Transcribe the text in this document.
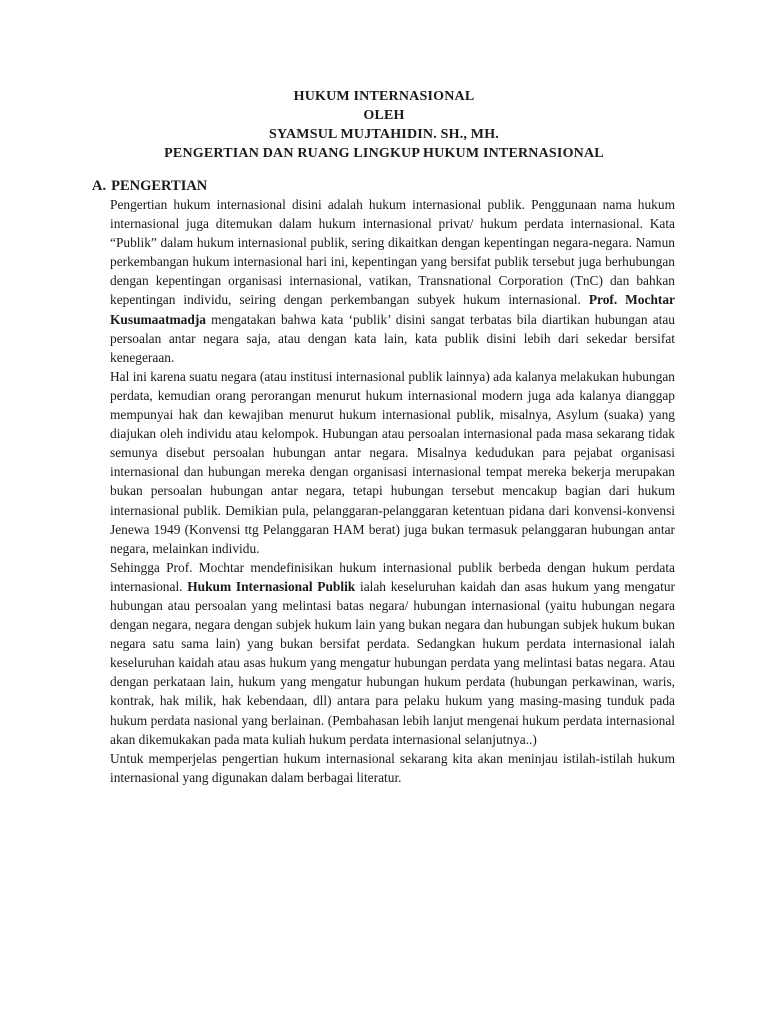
HUKUM INTERNASIONAL
OLEH
SYAMSUL MUJTAHIDIN. SH., MH.
PENGERTIAN DAN RUANG LINGKUP HUKUM INTERNASIONAL
A. PENGERTIAN

Pengertian hukum internasional disini adalah hukum internasional publik. Penggunaan nama hukum internasional juga ditemukan dalam hukum internasional privat/ hukum perdata internasional. Kata “Publik” dalam hukum internasional publik, sering dikaitkan dengan kepentingan negara-negara. Namun perkembangan hukum internasional hari ini, kepentingan yang bersifat publik tersebut juga berhubungan dengan kepentingan organisasi internasional, vatikan, Transnational Corporation (TnC) dan bahkan kepentingan individu, seiring dengan perkembangan subyek hukum internasional. Prof. Mochtar Kusumaatmadja mengatakan bahwa kata ‘publik’ disini sangat terbatas bila diartikan hubungan atau persoalan antar negara saja, atau dengan kata lain, kata publik disini lebih dari sekedar bersifat kenegeraan.

Hal ini karena suatu negara (atau institusi internasional publik lainnya) ada kalanya melakukan hubungan perdata, kemudian orang perorangan menurut hukum internasional modern juga ada kalanya dianggap mempunyai hak dan kewajiban menurut hukum internasional publik, misalnya, Asylum (suaka) yang diajukan oleh individu atau kelompok. Hubungan atau persoalan internasional pada masa sekarang tidak semunya disebut persoalan hubungan antar negara. Misalnya kedudukan para pejabat organisasi internasional dan hubungan mereka dengan organisasi internasional tempat mereka bekerja merupakan bukan persoalan hubungan antar negara, tetapi hubungan tersebut mencakup bagian dari hukum internasional publik. Demikian pula, pelanggaran-pelanggaran ketentuan pidana dari konvensi-konvensi Jenewa 1949 (Konvensi ttg Pelanggaran HAM berat) juga bukan termasuk pelanggaran hubungan antar negara, melainkan individu.

Sehingga Prof. Mochtar mendefinisikan hukum internasional publik berbeda dengan hukum perdata internasional. Hukum Internasional Publik ialah keseluruhan kaidah dan asas hukum yang mengatur hubungan atau persoalan yang melintasi batas negara/ hubungan internasional (yaitu hubungan negara dengan negara, negara dengan subjek hukum lain yang bukan negara dan hubungan subjek hukum bukan negara satu sama lain) yang bukan bersifat perdata. Sedangkan hukum perdata internasional ialah keseluruhan kaidah atau asas hukum yang mengatur hubungan perdata yang melintasi batas negara. Atau dengan perkataan lain, hukum yang mengatur hubungan hukum perdata (hubungan perkawinan, waris, kontrak, hak milik, hak kebendaan, dll) antara para pelaku hukum yang masing-masing tunduk pada hukum perdata nasional yang berlainan. (Pembahasan lebih lanjut mengenai hukum perdata internasional akan dikemukakan pada mata kuliah hukum perdata internasional selanjutnya..)

Untuk memperjelas pengertian hukum internasional sekarang kita akan meninjau istilah-istilah hukum internasional yang digunakan dalam berbagai literatur.
